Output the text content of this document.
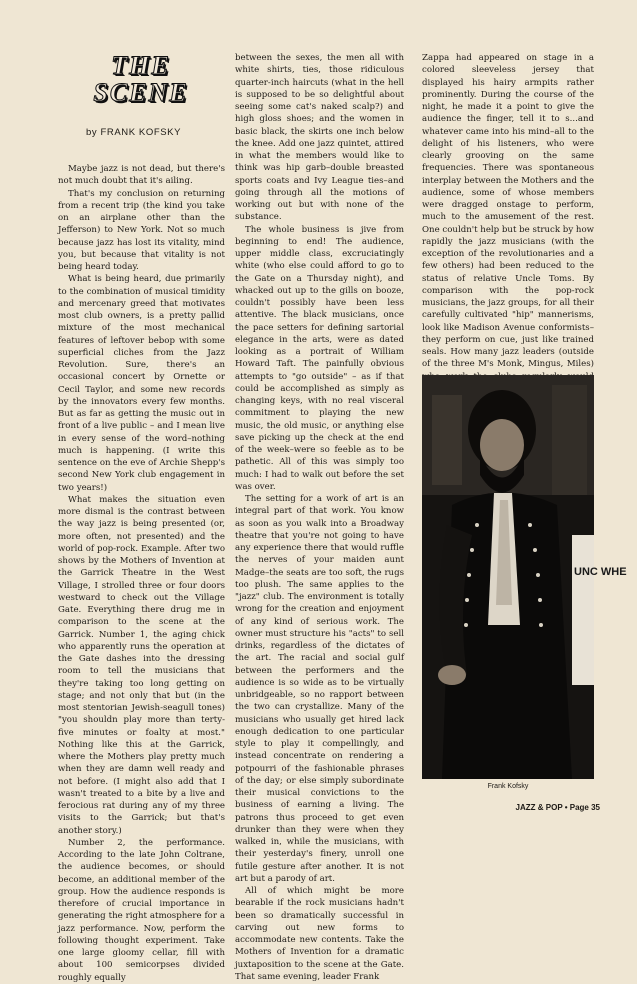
THE
SCENE
by FRANK KOFSKY

Maybe jazz is not dead, but there's not much doubt that it's ailing.

That's my conclusion on returning from a recent trip (the kind you take on an airplane other than the Jefferson) to New York. Not so much because jazz has lost its vitality, mind you, but because that vitality is not being heard today.

What is being heard, due primarily to the combination of musical timidity and mercenary greed that motivates most club owners, is a pretty pallid mixture of the most mechanical features of leftover bebop with some superficial cliches from the Jazz Revolution. Sure, there's an occasional concert by Ornette or Cecil Taylor, and some new records by the innovators every few months. But as far as getting the music out in front of a live public – and I mean live in every sense of the word–nothing much is happening. (I write this sentence on the eve of Archie Shepp's second New York club engagement in two years!)

What makes the situation even more dismal is the contrast between the way jazz is being presented (or, more often, not presented) and the world of pop-rock. Example. After two shows by the Mothers of Invention at the Garrick Theatre in the West Village, I strolled three or four doors westward to check out the Village Gate. Everything there drug me in comparison to the scene at the Garrick. Number 1, the aging chick who apparently runs the operation at the Gate dashes into the dressing room to tell the musicians that they're taking too long getting on stage; and not only that but (in the most stentorian Jewish-seagull tones) "you shouldn play more than terty-five minutes or foalty at most." Nothing like this at the Garrick, where the Mothers play pretty much when they are damn well ready and not before. (I might also add that I wasn't treated to a bite by a live and ferocious rat during any of my three visits to the Garrick; but that's another story.)

Number 2, the performance. According to the late John Coltrane, the audience becomes, or should become, an additional member of the group. How the audience responds is therefore of crucial importance in generating the right atmosphere for a jazz performance. Now, perform the following thought experiment. Take one large gloomy cellar, fill with about 100 semicorpses divided roughly equally

between the sexes, the men all with white shirts, ties, those ridiculous quarter-inch haircuts (what in the hell is supposed to be so delightful about seeing some cat's naked scalp?) and high gloss shoes; and the women in basic black, the skirts one inch below the knee. Add one jazz quintet, attired in what the members would like to think was hip garb–double breasted sports coats and Ivy League ties–and going through all the motions of working out but with none of the substance.

The whole business is jive from beginning to end! The audience, upper middle class, excruciatingly white (who else could afford to go to the Gate on a Thursday night), and whacked out up to the gills on booze, couldn't possibly have been less attentive. The black musicians, once the pace setters for defining sartorial elegance in the arts, were as dated looking as a portrait of William Howard Taft. The painfully obvious attempts to "go outside" – as if that could be accomplished as simply as changing keys, with no real visceral commitment to playing the new music, the old music, or anything else save picking up the check at the end of the week–were so feeble as to be pathetic. All of this was simply too much: I had to walk out before the set was over.

The setting for a work of art is an integral part of that work. You know as soon as you walk into a Broadway theatre that you're not going to have any experience there that would ruffle the nerves of your maiden aunt Madge–the seats are too soft, the rugs too plush. The same applies to the "jazz" club. The environment is totally wrong for the creation and enjoyment of any kind of serious work. The owner must structure his "acts" to sell drinks, regardless of the dictates of the art. The racial and social gulf between the performers and the audience is so wide as to be virtually unbridgeable, so no rapport between the two can crystallize. Many of the musicians who usually get hired lack enough dedication to one particular style to play it compellingly, and instead concentrate on rendering a potpourri of the fashionable phrases of the day; or else simply subordinate their musical convictions to the business of earning a living. The patrons thus proceed to get even drunker than they were when they walked in, while the musicians, with their yesterday's finery, unroll one futile gesture after another. It is not art but a parody of art.

All of which might be more bearable if the rock musicians hadn't been so dramatically successful in carving out new forms to accommodate new contents. Take the Mothers of Invention for a dramatic juxtaposition to the scene at the Gate. That same evening, leader Frank

Zappa had appeared on stage in a colored sleeveless jersey that displayed his hairy armpits rather prominently. During the course of the night, he made it a point to give the audience the finger, tell it to s...and whatever came into his mind–all to the delight of his listeners, who were clearly grooving on the same frequencies. There was spontaneous interplay between the Mothers and the audience, some of whose members were dragged onstage to perform, much to the amusement of the rest. One couldn't help but be struck by how rapidly the jazz musicians (with the exception of the revolutionaries and a few others) had been reduced to the status of relative Uncle Toms. By comparison with the pop-rock musicians, the jazz groups, for all their carefully cultivated "hip" mannerisms, look like Madison Avenue conformists–they perform on cue, just like trained seals. How many jazz leaders (outside of the three M's Monk, Mingus, Miles)

UNC WHE
Frank Kofsky
JAZZ & POP • Page 35
